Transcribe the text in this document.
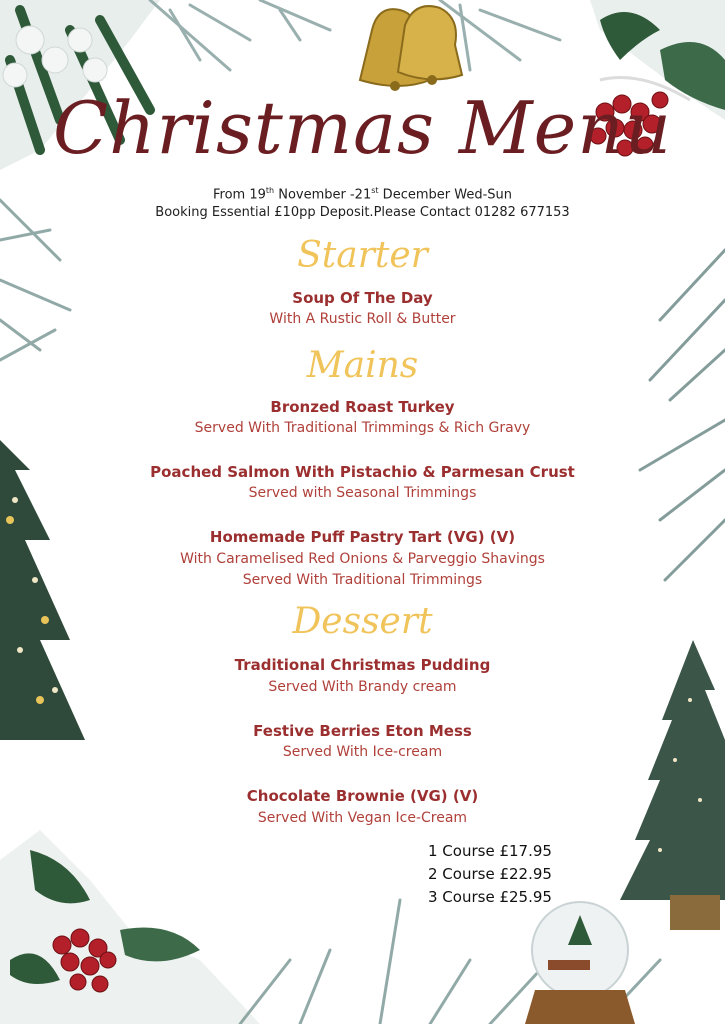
Christmas Menu
From 19th November -21st December Wed-Sun
Booking Essential £10pp Deposit.Please Contact 01282 677153
Starter
Soup Of The Day
With A Rustic Roll & Butter
Mains
Bronzed Roast Turkey
Served With Traditional Trimmings & Rich Gravy
Poached Salmon With Pistachio & Parmesan Crust
Served with Seasonal Trimmings
Homemade Puff Pastry Tart (VG) (V)
With Caramelised Red Onions & Parveggio Shavings
Served With Traditional Trimmings
Dessert
Traditional Christmas Pudding
Served With Brandy cream
Festive Berries Eton Mess
Served With Ice-cream
Chocolate Brownie (VG) (V)
Served With Vegan Ice-Cream
1 Course £17.95
2 Course £22.95
3 Course £25.95
